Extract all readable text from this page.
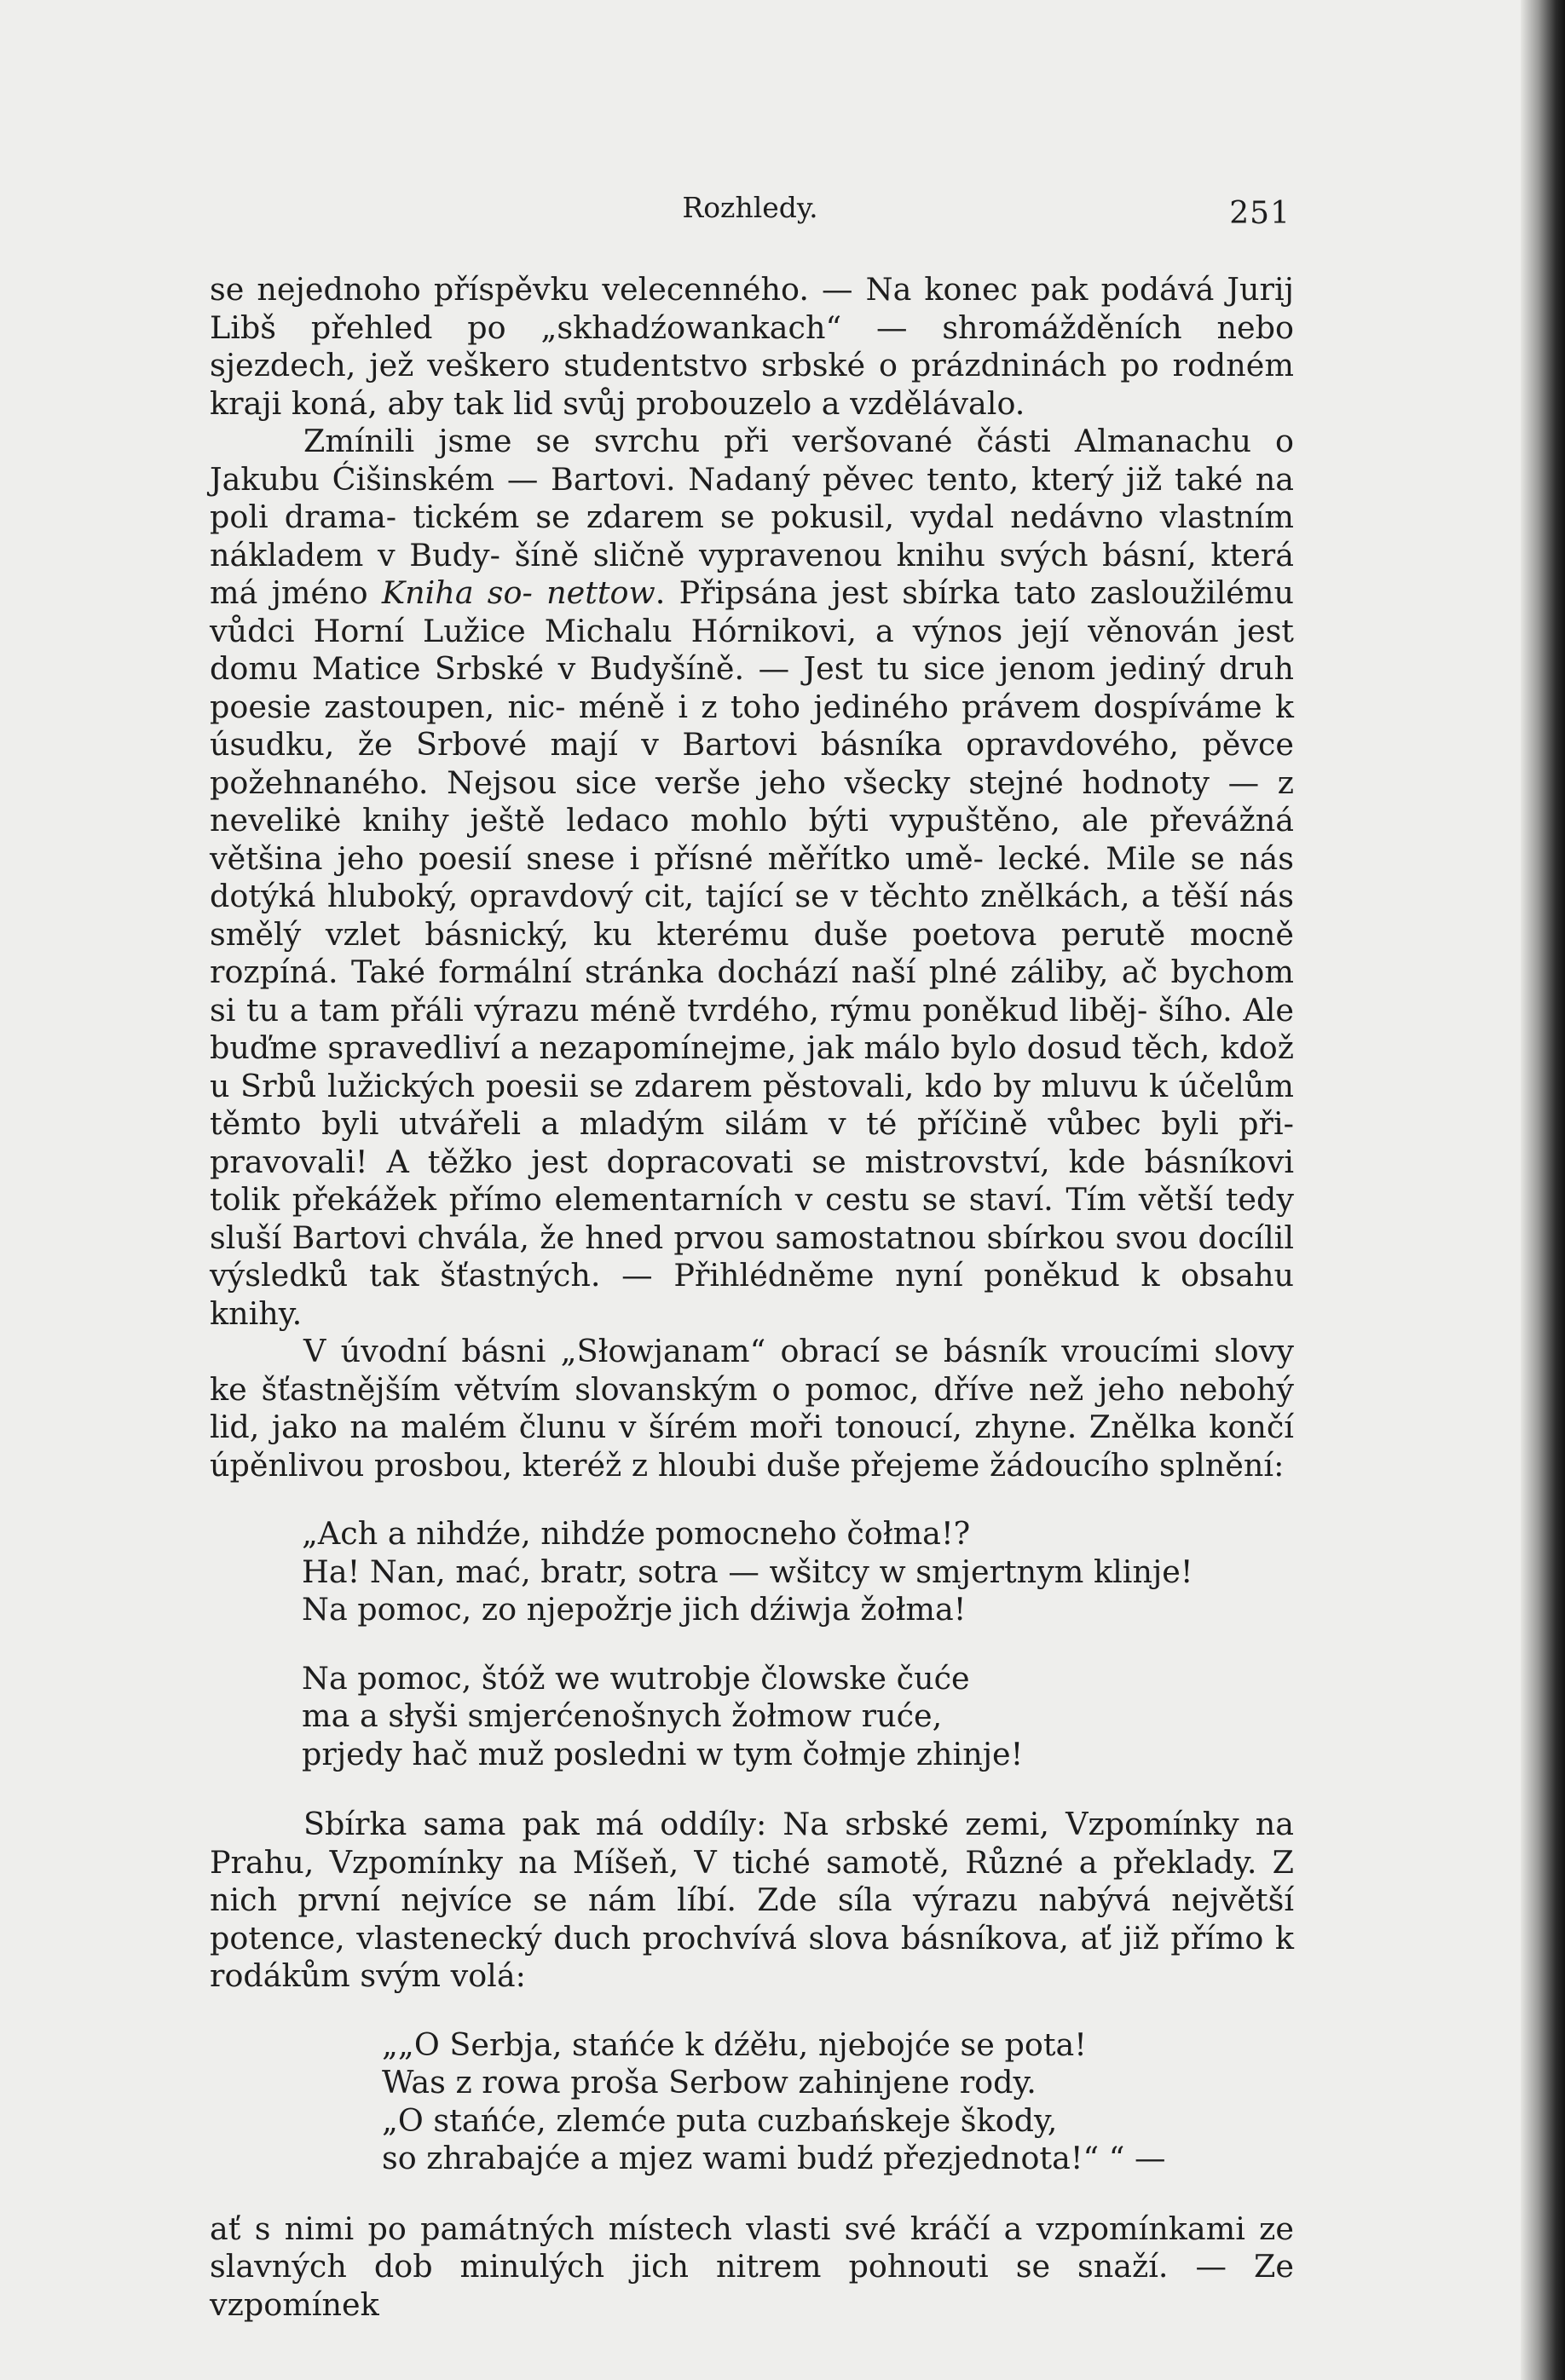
Rozhledy.	251

se nejednoho příspěvku velecenného. — Na konec pak podává Jurij Libš přehled po „skhadźowankach“ — shromážděních nebo sjezdech, jež veškero studentstvo srbské o prázdninách po rodném kraji koná, aby tak lid svůj probouzelo a vzdělávalo.

Zmínili jsme se svrchu při veršované části Almanachu o Jakubu Ćišinském — Bartovi. Nadaný pěvec tento, který již také na poli drama- tickém se zdarem se pokusil, vydal nedávno vlastním nákladem v Budy- šíně sličně vypravenou knihu svých básní, která má jméno Kniha so- nettow. Připsána jest sbírka tato zasloužilému vůdci Horní Lužice Michalu Hórnikovi, a výnos její věnován jest domu Matice Srbské v Budyšíně. — Jest tu sice jenom jediný druh poesie zastoupen, nic- méně i z toho jediného právem dospíváme k úsudku, že Srbové mají v Bartovi básníka opravdového, pěvce požehnaného. Nejsou sice verše jeho všecky stejné hodnoty — z nevelikė knihy ještě ledaco mohlo býti vypuštěno, ale převážná většina jeho poesií snese i přísné měřítko umě- lecké. Mile se nás dotýká hluboký, opravdový cit, tající se v těchto znělkách, a těší nás smělý vzlet básnický, ku kterému duše poetova perutě mocně rozpíná. Také formální stránka dochází naší plné záliby, ač bychom si tu a tam přáli výrazu méně tvrdého, rýmu poněkud liběj- šího. Ale buďme spravedliví a nezapomínejme, jak málo bylo dosud těch, kdož u Srbů lužických poesii se zdarem pěstovali, kdo by mluvu k účelům těmto byli utvářeli a mladým silám v té příčině vůbec byli při- pravovali! A těžko jest dopracovati se mistrovství, kde básníkovi tolik překážek přímo elementarních v cestu se staví. Tím větší tedy sluší Bartovi chvála, že hned prvou samostatnou sbírkou svou docílil výsledků tak šťastných. — Přihlédněme nyní poněkud k obsahu knihy.

V úvodní básni „Słowjanam“ obrací se básník vroucími slovy ke šťastnějším větvím slovanským o pomoc, dříve než jeho nebohý lid, jako na malém člunu v šírém moři tonoucí, zhyne. Znělka končí úpěnlivou prosbou, kteréž z hloubi duše přejeme žádoucího splnění:

„Ach a nihdźe, nihdźe pomocneho čołma!?
Ha! Nan, mać, bratr, sotra — wšitcy w smjertnym klinje!
Na pomoc, zo njepožrje jich dźiwja žołma!
Na pomoc, štóž we wutrobje člowske čuće
ma a słyši smjerćenošnych žołmow ruće,
prjedy hač muž posledni w tym čołmje zhinje!

Sbírka sama pak má oddíly: Na srbské zemi, Vzpomínky na Prahu, Vzpomínky na Míšeň, V tiché samotě, Různé a překlady. Z nich první nejvíce se nám líbí. Zde síla výrazu nabývá největší potence, vlastenecký duch prochvívá slova básníkova, ať již přímo k rodákům svým volá:

„„O Serbja, stańće k dźěłu, njebojće se pota!
Was z rowa proša Serbow zahinjene rody.
„O stańće, zlemće puta cuzbańskeje škody,
so zhrabajće a mjez wami budź přezjednota!“ “ —

ať s nimi po památných místech vlasti své kráčí a vzpomínkami ze slavných dob minulých jich nitrem pohnouti se snaží. — Ze vzpomínek
